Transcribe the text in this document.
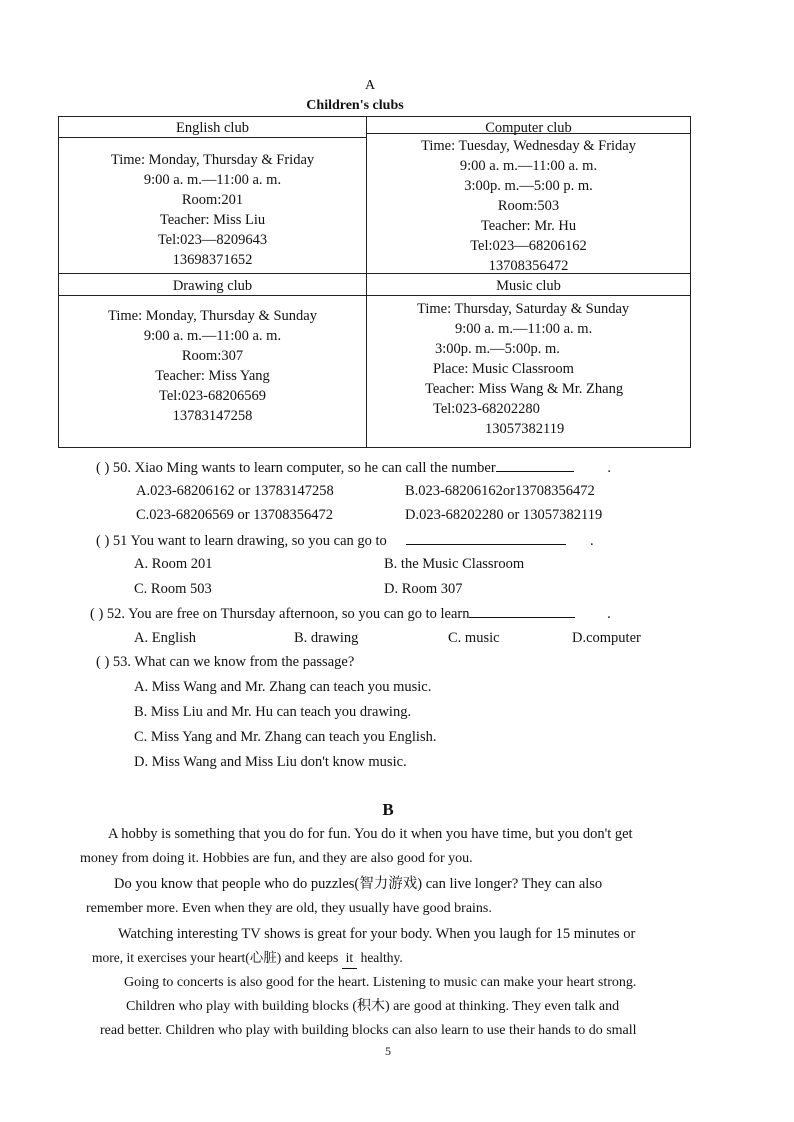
A
Children's clubs
English club
Time: Monday, Thursday & Friday
9:00 a. m.—11:00 a. m.
Room:201
Teacher: Miss Liu
Tel:023—8209643
13698371652
Computer club
Time: Tuesday, Wednesday & Friday
9:00 a. m.—11:00 a. m.
3:00p. m.—5:00 p. m.
Room:503
Teacher: Mr. Hu
Tel:023—68206162
13708356472
Drawing club
Time: Monday, Thursday & Sunday
9:00 a. m.—11:00 a. m.
Room:307
Teacher: Miss Yang
Tel:023-68206569
13783147258
Music club
Time: Thursday, Saturday & Sunday
9:00 a. m.—11:00 a. m.
3:00p. m.—5:00p. m.
Place: Music Classroom
Teacher: Miss Wang & Mr. Zhang
Tel:023-68202280
13057382119
( ) 50. Xiao Ming wants to learn computer, so he can call the number	.
A.023-68206162 or 13783147258	B.023-68206162or13708356472
C.023-68206569 or 13708356472	D.023-68202280 or 13057382119
( ) 51 You want to learn drawing, so you can go to	.
A. Room 201	B. the Music Classroom
C. Room 503	D. Room 307
( ) 52. You are free on Thursday afternoon, so you can go to learn	.
A. English	B. drawing	C. music	D.computer
( ) 53. What can we know from the passage?
A. Miss Wang and Mr. Zhang can teach you music.
B. Miss Liu and Mr. Hu can teach you drawing.
C. Miss Yang and Mr. Zhang can teach you English.
D. Miss Wang and Miss Liu don't know music.
B
A hobby is something that you do for fun. You do it when you have time, but you don't get
money from doing it. Hobbies are fun, and they are also good for you.
Do you know that people who do puzzles(智力游戏) can live longer? They can also
remember more. Even when they are old, they usually have good brains.
Watching interesting TV shows is great for your body. When you laugh for 15 minutes or
more, it exercises your heart(心脏) and keeps it healthy.
Going to concerts is also good for the heart. Listening to music can make your heart strong.
Children who play with building blocks (积木) are good at thinking. They even talk and
read better. Children who play with building blocks can also learn to use their hands to do small
5
